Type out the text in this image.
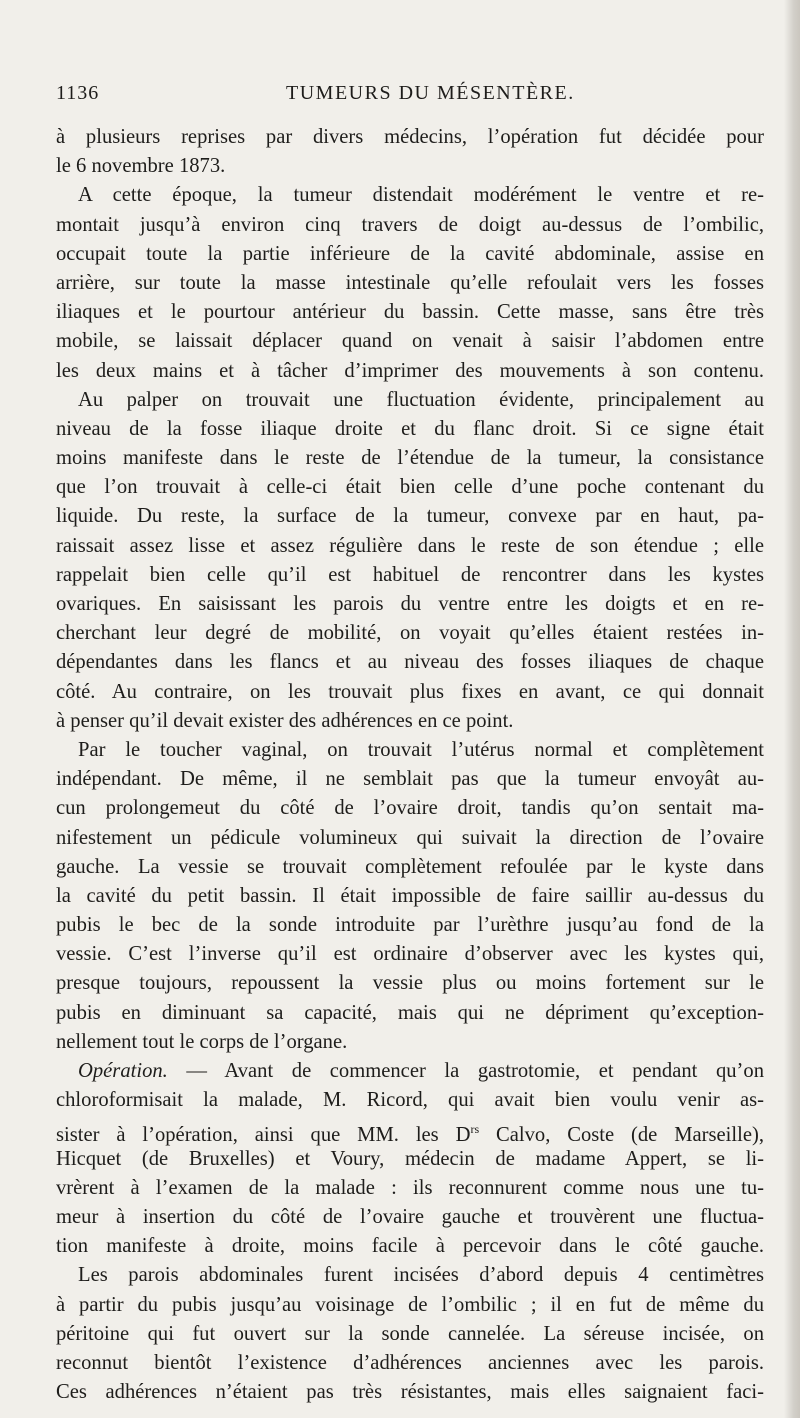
1136	TUMEURS DU MÉSENTÈRE.
à plusieurs reprises par divers médecins, l’opération fut décidée pour
le 6 novembre 1873.
A cette époque, la tumeur distendait modérément le ventre et re-
montait jusqu’à environ cinq travers de doigt au-dessus de l’ombilic,
occupait toute la partie inférieure de la cavité abdominale, assise en
arrière, sur toute la masse intestinale qu’elle refoulait vers les fosses
iliaques et le pourtour antérieur du bassin. Cette masse, sans être très
mobile, se laissait déplacer quand on venait à saisir l’abdomen entre
les deux mains et à tâcher d’imprimer des mouvements à son contenu.
Au palper on trouvait une fluctuation évidente, principalement au
niveau de la fosse iliaque droite et du flanc droit. Si ce signe était
moins manifeste dans le reste de l’étendue de la tumeur, la consistance
que l’on trouvait à celle-ci était bien celle d’une poche contenant du
liquide. Du reste, la surface de la tumeur, convexe par en haut, pa-
raissait assez lisse et assez régulière dans le reste de son étendue ; elle
rappelait bien celle qu’il est habituel de rencontrer dans les kystes
ovariques. En saisissant les parois du ventre entre les doigts et en re-
cherchant leur degré de mobilité, on voyait qu’elles étaient restées in-
dépendantes dans les flancs et au niveau des fosses iliaques de chaque
côté. Au contraire, on les trouvait plus fixes en avant, ce qui donnait
à penser qu’il devait exister des adhérences en ce point.
Par le toucher vaginal, on trouvait l’utérus normal et complètement
indépendant. De même, il ne semblait pas que la tumeur envoyât au-
cun prolongemeut du côté de l’ovaire droit, tandis qu’on sentait ma-
nifestement un pédicule volumineux qui suivait la direction de l’ovaire
gauche. La vessie se trouvait complètement refoulée par le kyste dans
la cavité du petit bassin. Il était impossible de faire saillir au-dessus du
pubis le bec de la sonde introduite par l’urèthre jusqu’au fond de la
vessie. C’est l’inverse qu’il est ordinaire d’observer avec les kystes qui,
presque toujours, repoussent la vessie plus ou moins fortement sur le
pubis en diminuant sa capacité, mais qui ne dépriment qu’exception-
nellement tout le corps de l’organe.
Opération. — Avant de commencer la gastrotomie, et pendant qu’on
chloroformisait la malade, M. Ricord, qui avait bien voulu venir as-
sister à l’opération, ainsi que MM. les $D^{rs}$ Calvo, Coste (de Marseille),
Hicquet (de Bruxelles) et Voury, médecin de madame Appert, se li-
vrèrent à l’examen de la malade : ils reconnurent comme nous une tu-
meur à insertion du côté de l’ovaire gauche et trouvèrent une fluctua-
tion manifeste à droite, moins facile à percevoir dans le côté gauche.
Les parois abdominales furent incisées d’abord depuis 4 centimètres
à partir du pubis jusqu’au voisinage de l’ombilic ; il en fut de même du
péritoine qui fut ouvert sur la sonde cannelée. La séreuse incisée, on
reconnut bientôt l’existence d’adhérences anciennes avec les parois.
Ces adhérences n’étaient pas très résistantes, mais elles saignaient faci-
